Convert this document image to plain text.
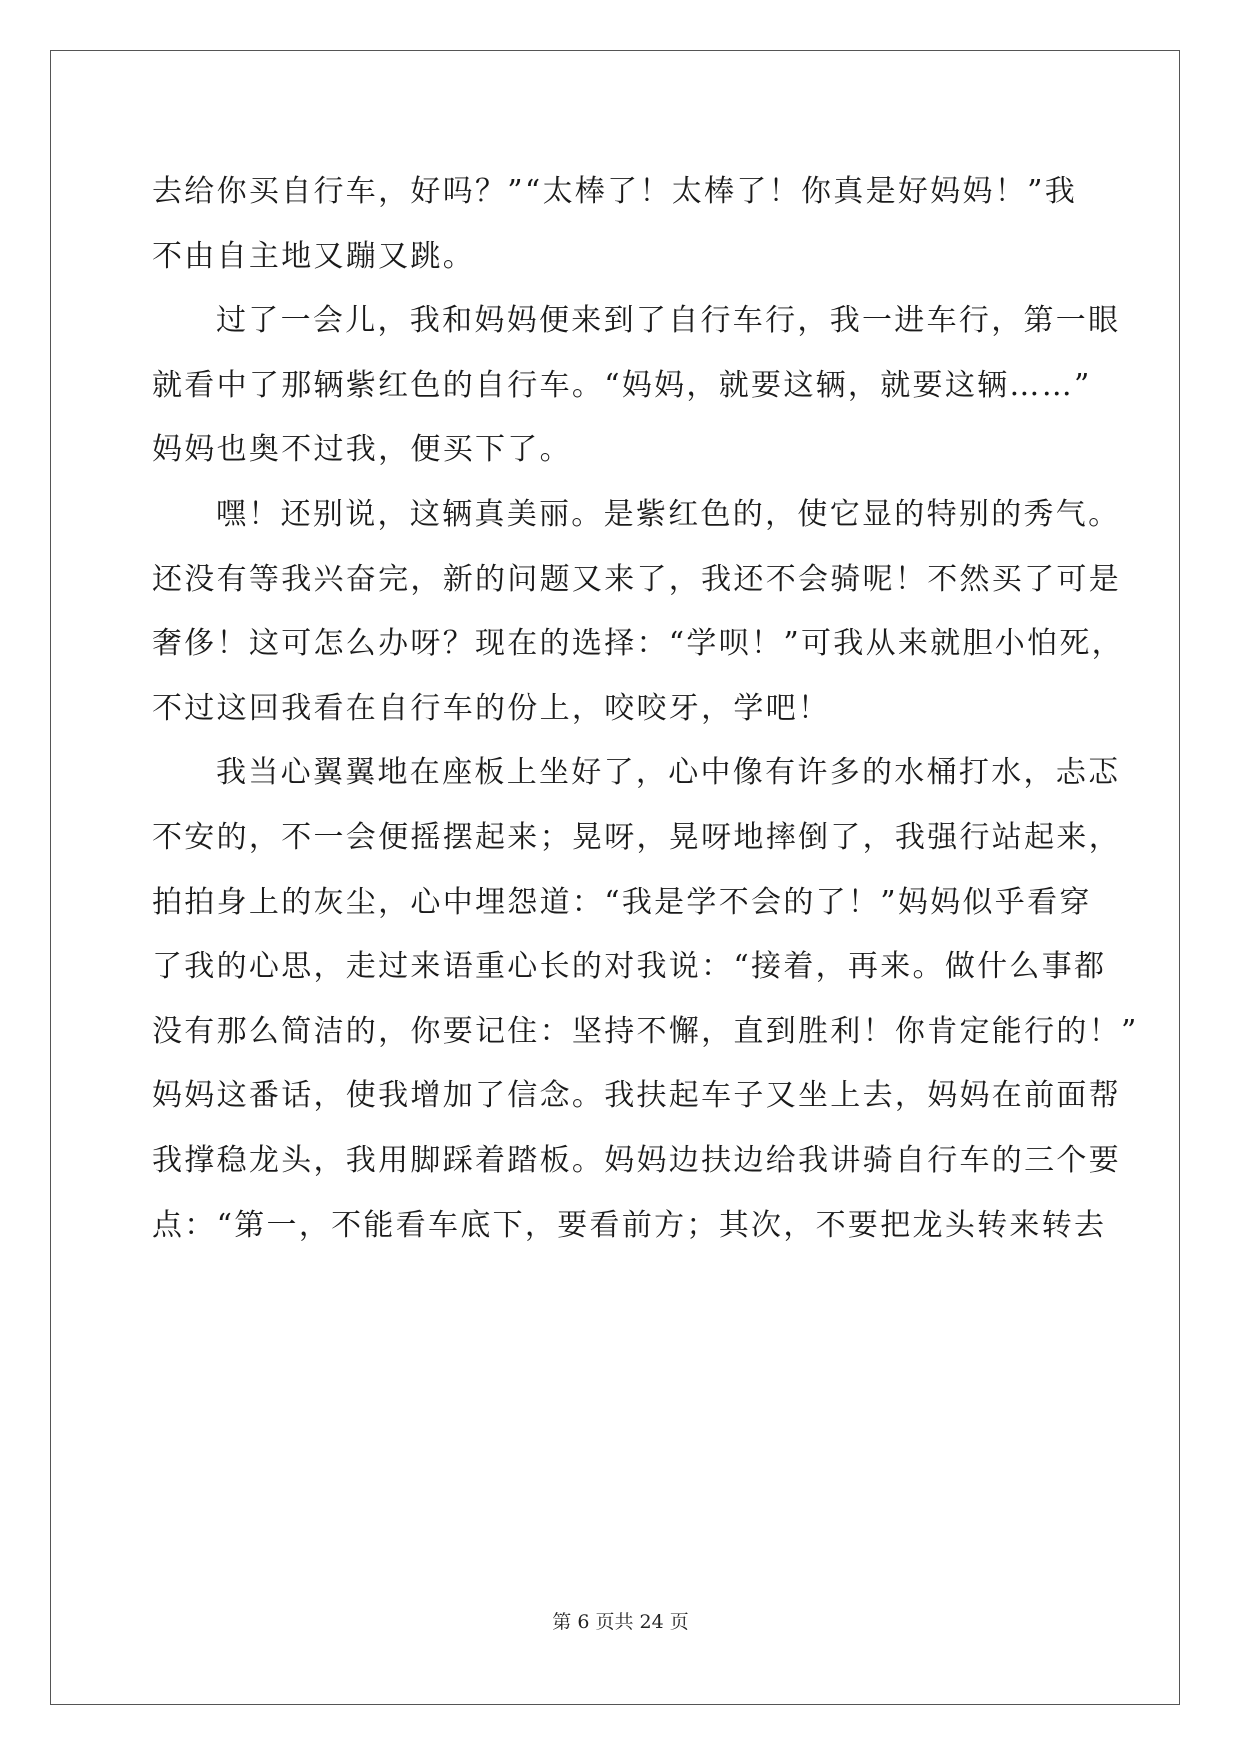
去给你买自行车，好吗？”“太棒了！太棒了！你真是好妈妈！”我
不由自主地又蹦又跳。
过了一会儿，我和妈妈便来到了自行车行，我一进车行，第一眼
就看中了那辆紫红色的自行车。“妈妈，就要这辆，就要这辆……”
妈妈也奥不过我，便买下了。
嘿！还别说，这辆真美丽。是紫红色的，使它显的特别的秀气。
还没有等我兴奋完，新的问题又来了，我还不会骑呢！不然买了可是
奢侈！这可怎么办呀？现在的选择：“学呗！”可我从来就胆小怕死，
不过这回我看在自行车的份上，咬咬牙，学吧！
我当心翼翼地在座板上坐好了，心中像有许多的水桶打水，忐忑
不安的，不一会便摇摆起来；晃呀，晃呀地摔倒了，我强行站起来，
拍拍身上的灰尘，心中埋怨道：“我是学不会的了！”妈妈似乎看穿
了我的心思，走过来语重心长的对我说：“接着，再来。做什么事都
没有那么简洁的，你要记住：坚持不懈，直到胜利！你肯定能行的！”
妈妈这番话，使我增加了信念。我扶起车子又坐上去，妈妈在前面帮
我撑稳龙头，我用脚踩着踏板。妈妈边扶边给我讲骑自行车的三个要
点：“第一，不能看车底下，要看前方；其次，不要把龙头转来转去
第 6 页共 24 页
